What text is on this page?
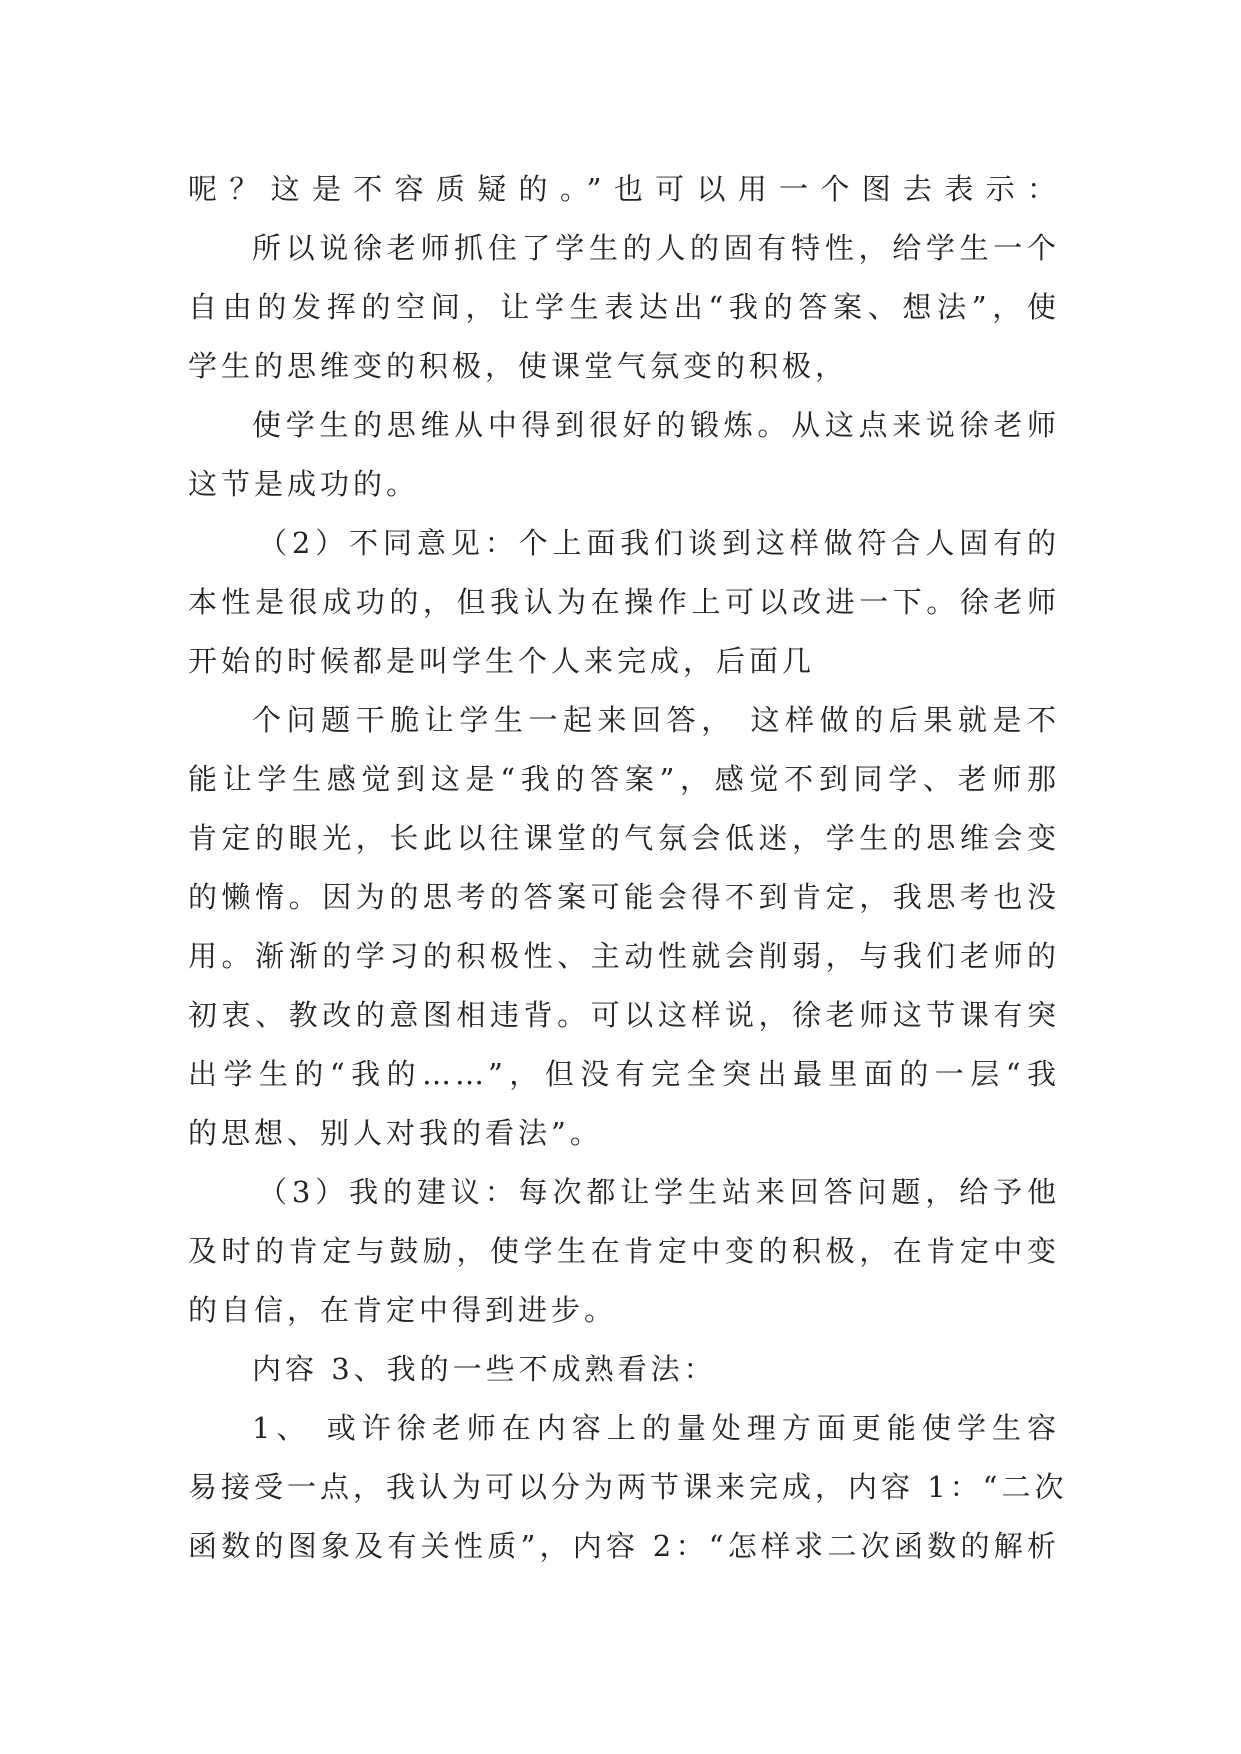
呢？这是不容质疑的。”也可以用一个图去表示：
所以说徐老师抓住了学生的人的固有特性，给学生一个
自由的发挥的空间，让学生表达出“我的答案、想法”，使
学生的思维变的积极，使课堂气氛变的积极，
使学生的思维从中得到很好的锻炼。从这点来说徐老师
这节是成功的。
（2）不同意见：个上面我们谈到这样做符合人固有的
本性是很成功的，但我认为在操作上可以改进一下。徐老师
开始的时候都是叫学生个人来完成，后面几
个问题干脆让学生一起来回答， 这样做的后果就是不
能让学生感觉到这是“我的答案”，感觉不到同学、老师那
肯定的眼光，长此以往课堂的气氛会低迷，学生的思维会变
的懒惰。因为的思考的答案可能会得不到肯定，我思考也没
用。渐渐的学习的积极性、主动性就会削弱，与我们老师的
初衷、教改的意图相违背。可以这样说，徐老师这节课有突
出学生的“我的……”，但没有完全突出最里面的一层“我
的思想、别人对我的看法”。
（3）我的建议：每次都让学生站来回答问题，给予他
及时的肯定与鼓励，使学生在肯定中变的积极，在肯定中变
的自信，在肯定中得到进步。
内容 3、我的一些不成熟看法：
1、 或许徐老师在内容上的量处理方面更能使学生容
易接受一点，我认为可以分为两节课来完成，内容 1：“二次
函数的图象及有关性质”，内容 2：“怎样求二次函数的解析
